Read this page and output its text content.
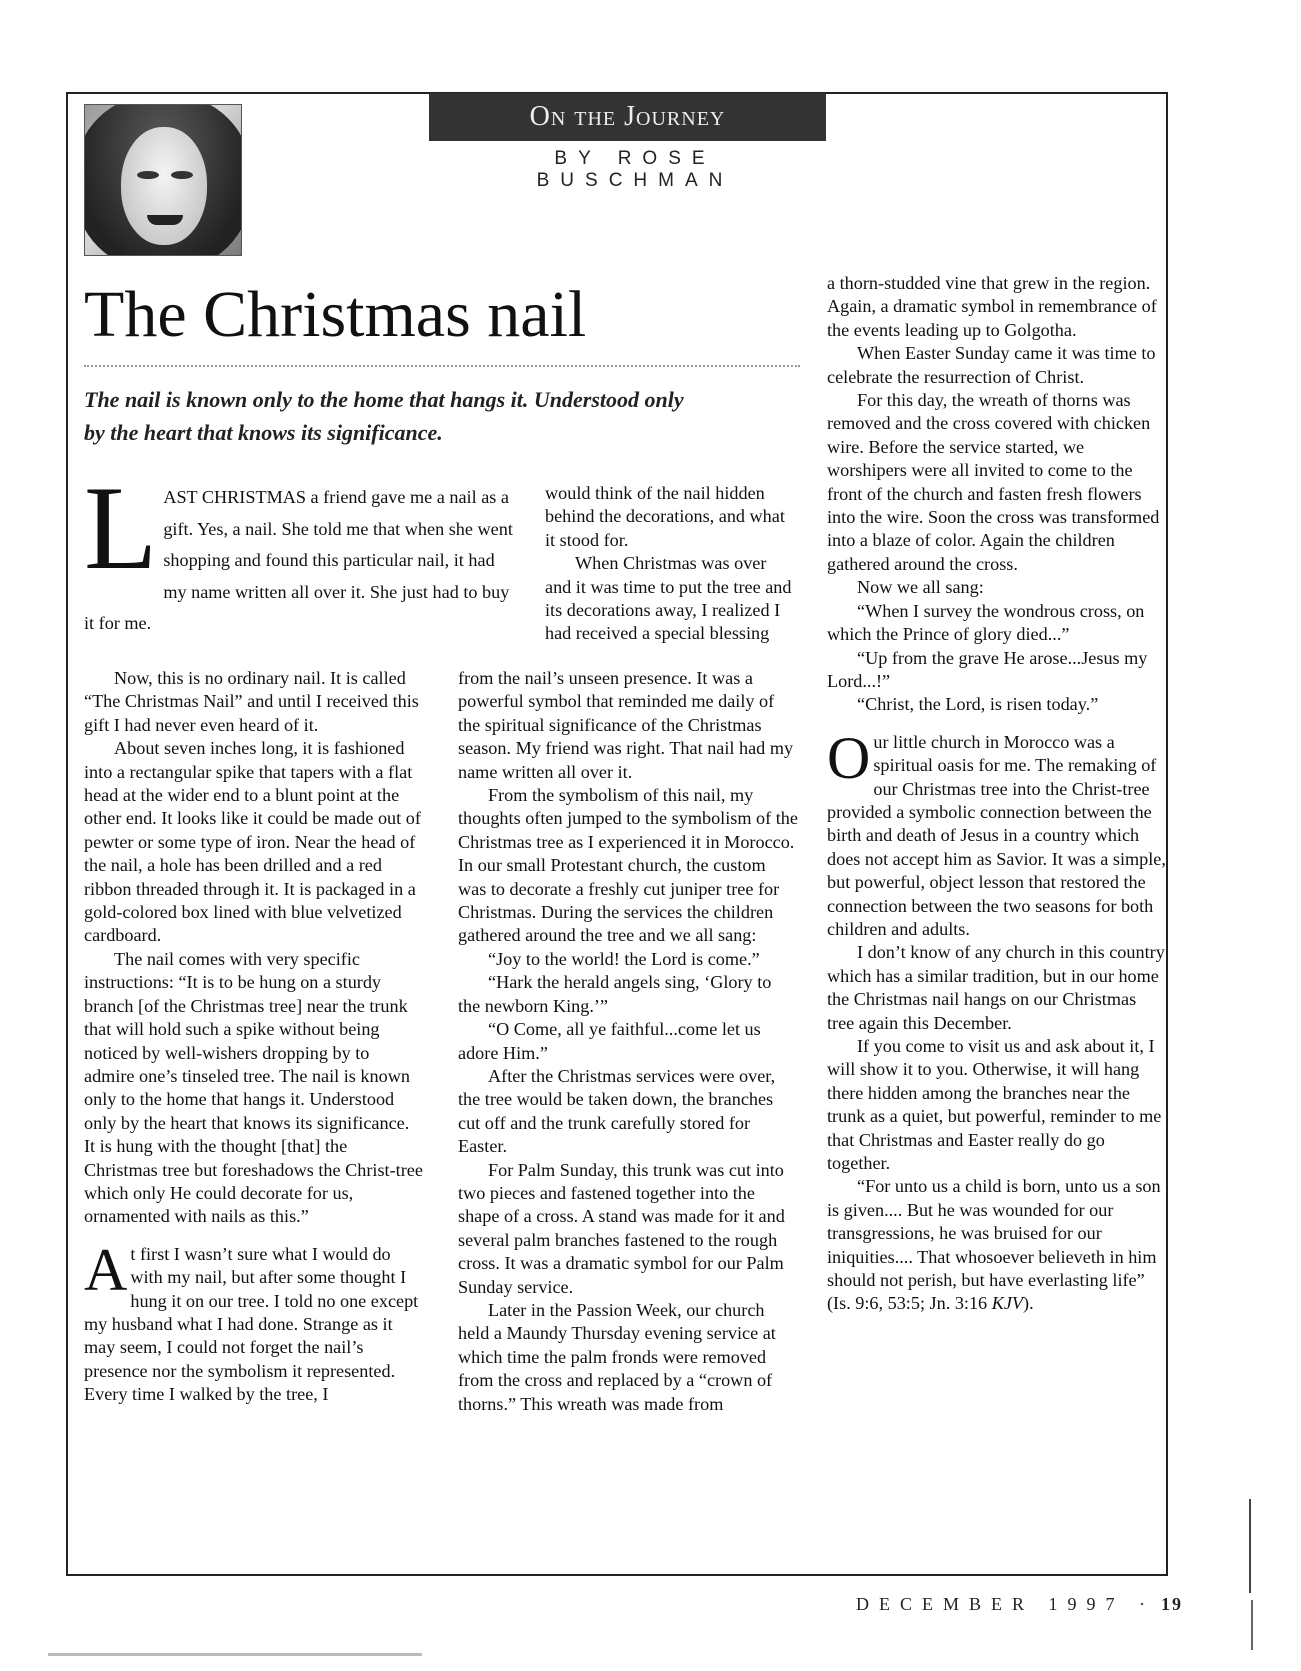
On the Journey
BY ROSE BUSCHMAN
The Christmas nail
The nail is known only to the home that hangs it. Understood only by the heart that knows its significance.
L AST CHRISTMAS a friend gave me a nail as a gift. Yes, a nail. She told me that when she went shopping and found this particular nail, it had my name written all over it. She just had to buy it for me.

Now, this is no ordinary nail. It is called “The Christmas Nail” and until I received this gift I had never even heard of it.

About seven inches long, it is fashioned into a rectangular spike that tapers with a flat head at the wider end to a blunt point at the other end. It looks like it could be made out of pewter or some type of iron. Near the head of the nail, a hole has been drilled and a red ribbon threaded through it. It is packaged in a gold-colored box lined with blue velvetized cardboard.

The nail comes with very specific instructions: “It is to be hung on a sturdy branch [of the Christmas tree] near the trunk that will hold such a spike without being noticed by well-wishers dropping by to admire one’s tinseled tree. The nail is known only to the home that hangs it. Understood only by the heart that knows its significance. It is hung with the thought [that] the Christmas tree but foreshadows the Christ-tree which only He could decorate for us, ornamented with nails as this.”

At first I wasn’t sure what I would do with my nail, but after some thought I hung it on our tree. I told no one except my husband what I had done. Strange as it may seem, I could not forget the nail’s presence nor the symbolism it represented. Every time I walked by the tree, I

would think of the nail hidden behind the decorations, and what it stood for.

When Christmas was over and it was time to put the tree and its decorations away, I realized I had received a special blessing

from the nail’s unseen presence. It was a powerful symbol that reminded me daily of the spiritual significance of the Christmas season. My friend was right. That nail had my name written all over it.

From the symbolism of this nail, my thoughts often jumped to the symbolism of the Christmas tree as I experienced it in Morocco. In our small Protestant church, the custom was to decorate a freshly cut juniper tree for Christmas. During the services the children gathered around the tree and we all sang:

“Joy to the world! the Lord is come.”

“Hark the herald angels sing, ‘Glory to the newborn King.’”

“O Come, all ye faithful...come let us adore Him.”

After the Christmas services were over, the tree would be taken down, the branches cut off and the trunk carefully stored for Easter.

For Palm Sunday, this trunk was cut into two pieces and fastened together into the shape of a cross. A stand was made for it and several palm branches fastened to the rough cross. It was a dramatic symbol for our Palm Sunday service.

Later in the Passion Week, our church held a Maundy Thursday evening service at which time the palm fronds were removed from the cross and replaced by a “crown of thorns.” This wreath was made from

a thorn-studded vine that grew in the region. Again, a dramatic symbol in remembrance of the events leading up to Golgotha.

When Easter Sunday came it was time to celebrate the resurrection of Christ.

For this day, the wreath of thorns was removed and the cross covered with chicken wire. Before the service started, we worshipers were all invited to come to the front of the church and fasten fresh flowers into the wire. Soon the cross was transformed into a blaze of color. Again the children gathered around the cross.

Now we all sang:

“When I survey the wondrous cross, on which the Prince of glory died...”

“Up from the grave He arose...Jesus my Lord...!”

“Christ, the Lord, is risen today.”

Our little church in Morocco was a spiritual oasis for me. The remaking of our Christmas tree into the Christ-tree provided a symbolic connection between the birth and death of Jesus in a country which does not accept him as Savior. It was a simple, but powerful, object lesson that restored the connection between the two seasons for both children and adults.

I don’t know of any church in this country which has a similar tradition, but in our home the Christmas nail hangs on our Christmas tree again this December.

If you come to visit us and ask about it, I will show it to you. Otherwise, it will hang there hidden among the branches near the trunk as a quiet, but powerful, reminder to me that Christmas and Easter really do go together.

“For unto us a child is born, unto us a son is given.... But he was wounded for our transgressions, he was bruised for our iniquities.... That whosoever believeth in him should not perish, but have everlasting life” (Is. 9:6, 53:5; Jn. 3:16 KJV).

DECEMBER 1997 · 19
